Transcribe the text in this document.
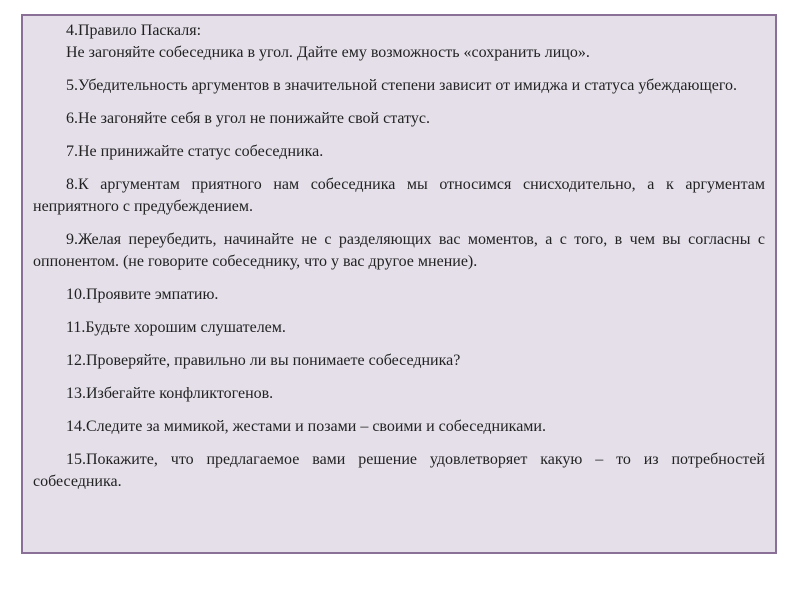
4.Правило Паскаля:

Не загоняйте собеседника в угол. Дайте ему возможность «сохранить лицо».

5.Убедительность аргументов в значительной степени зависит от имиджа и статуса убеждающего.

6.Не загоняйте себя в угол не понижайте свой статус.

7.Не принижайте статус собеседника.

8.К аргументам приятного нам собеседника мы относимся снисходительно, а к аргументам неприятного с предубеждением.

9.Желая переубедить, начинайте не с разделяющих вас моментов, а с того, в чем вы согласны с оппонентом. (не говорите собеседнику, что у вас другое мнение).

10.Проявите эмпатию.

11.Будьте хорошим слушателем.

12.Проверяйте, правильно ли вы понимаете собеседника?

13.Избегайте конфликтогенов.

14.Следите за мимикой, жестами и позами – своими и собеседниками.

15.Покажите, что предлагаемое вами решение удовлетворяет какую – то из потребностей собеседника.
